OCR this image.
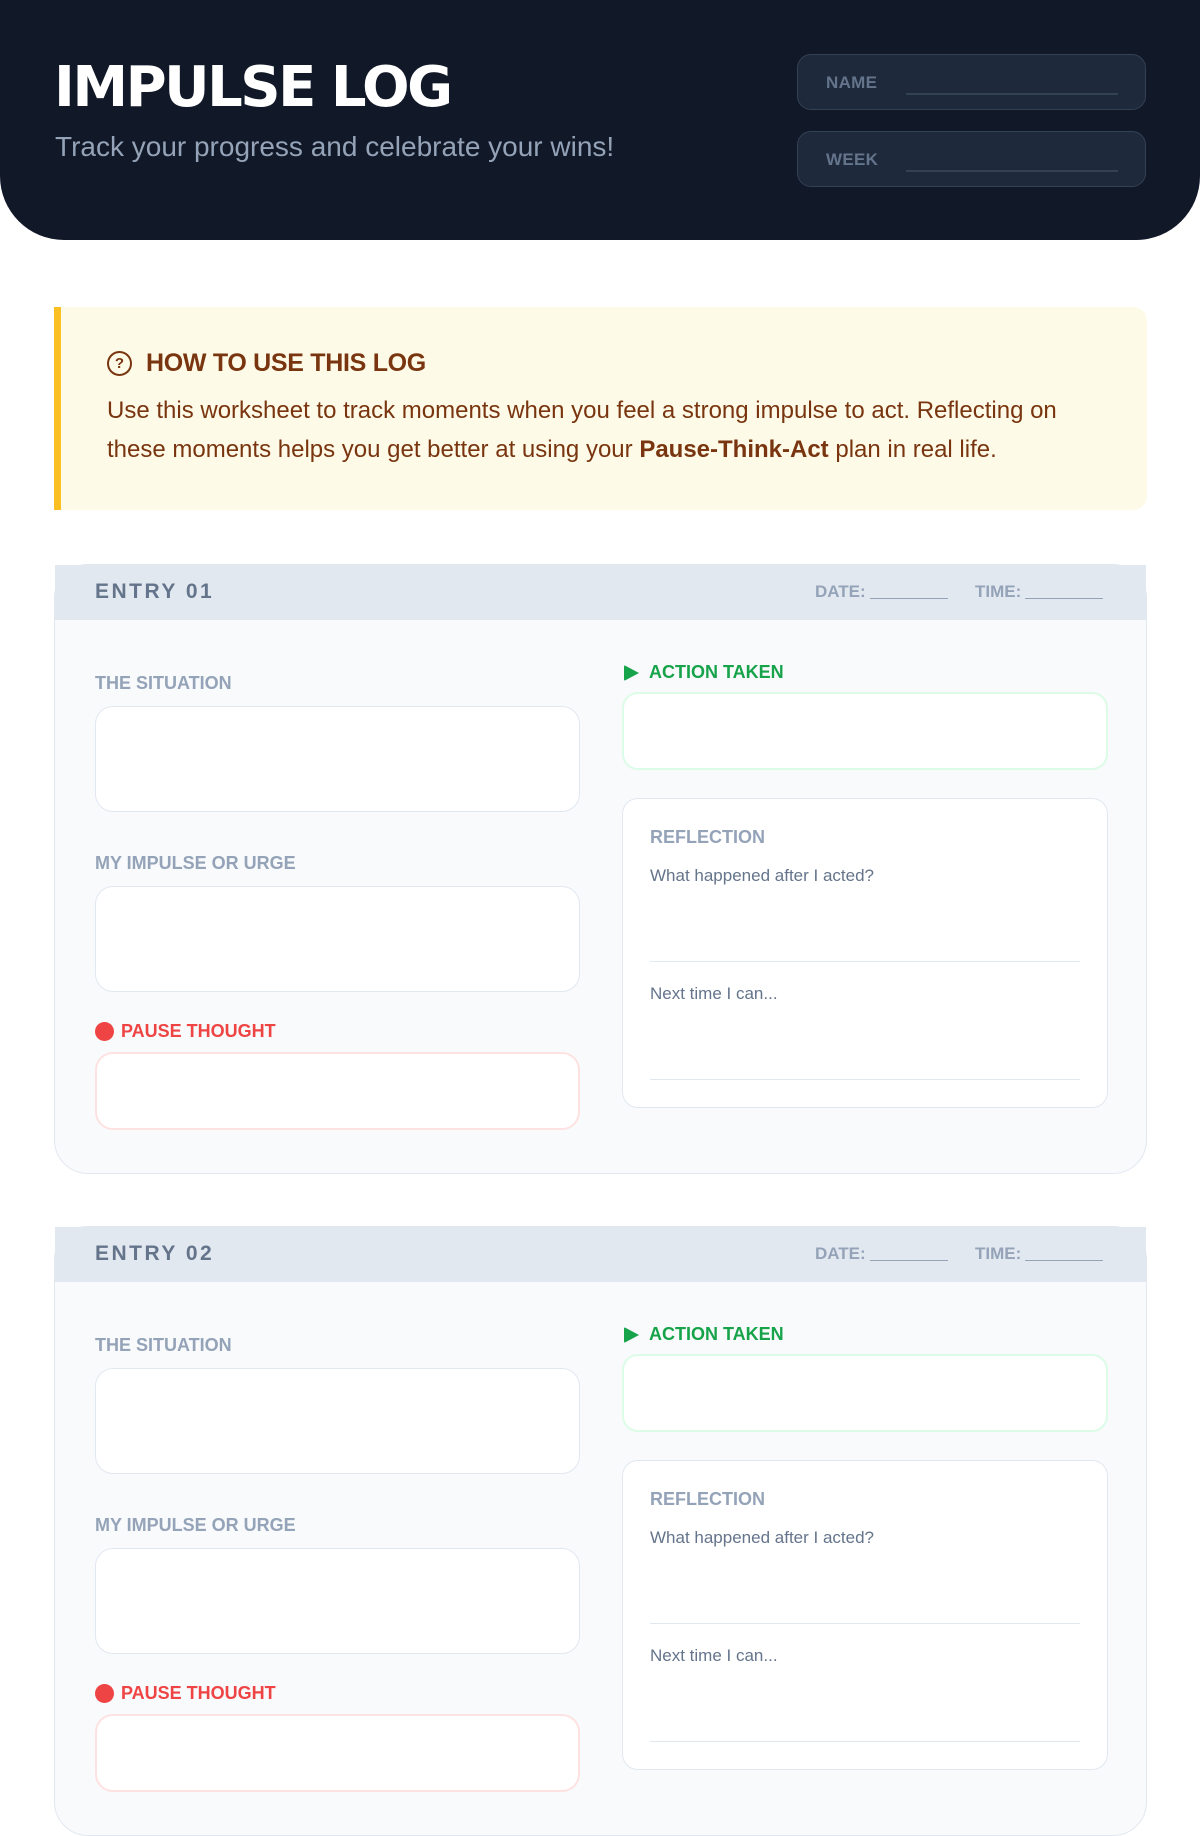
IMPULSE LOG
Track your progress and celebrate your wins!
NAME
WEEK
? HOW TO USE THIS LOG
Use this worksheet to track moments when you feel a strong impulse to act. Reflecting on these moments helps you get better at using your Pause-Think-Act plan in real life.
ENTRY 01	DATE:	TIME:
THE SITUATION
MY IMPULSE OR URGE
PAUSE THOUGHT
ACTION TAKEN
REFLECTION
What happened after I acted?
Next time I can...
ENTRY 02	DATE:	TIME:
THE SITUATION
MY IMPULSE OR URGE
PAUSE THOUGHT
ACTION TAKEN
REFLECTION
What happened after I acted?
Next time I can...
